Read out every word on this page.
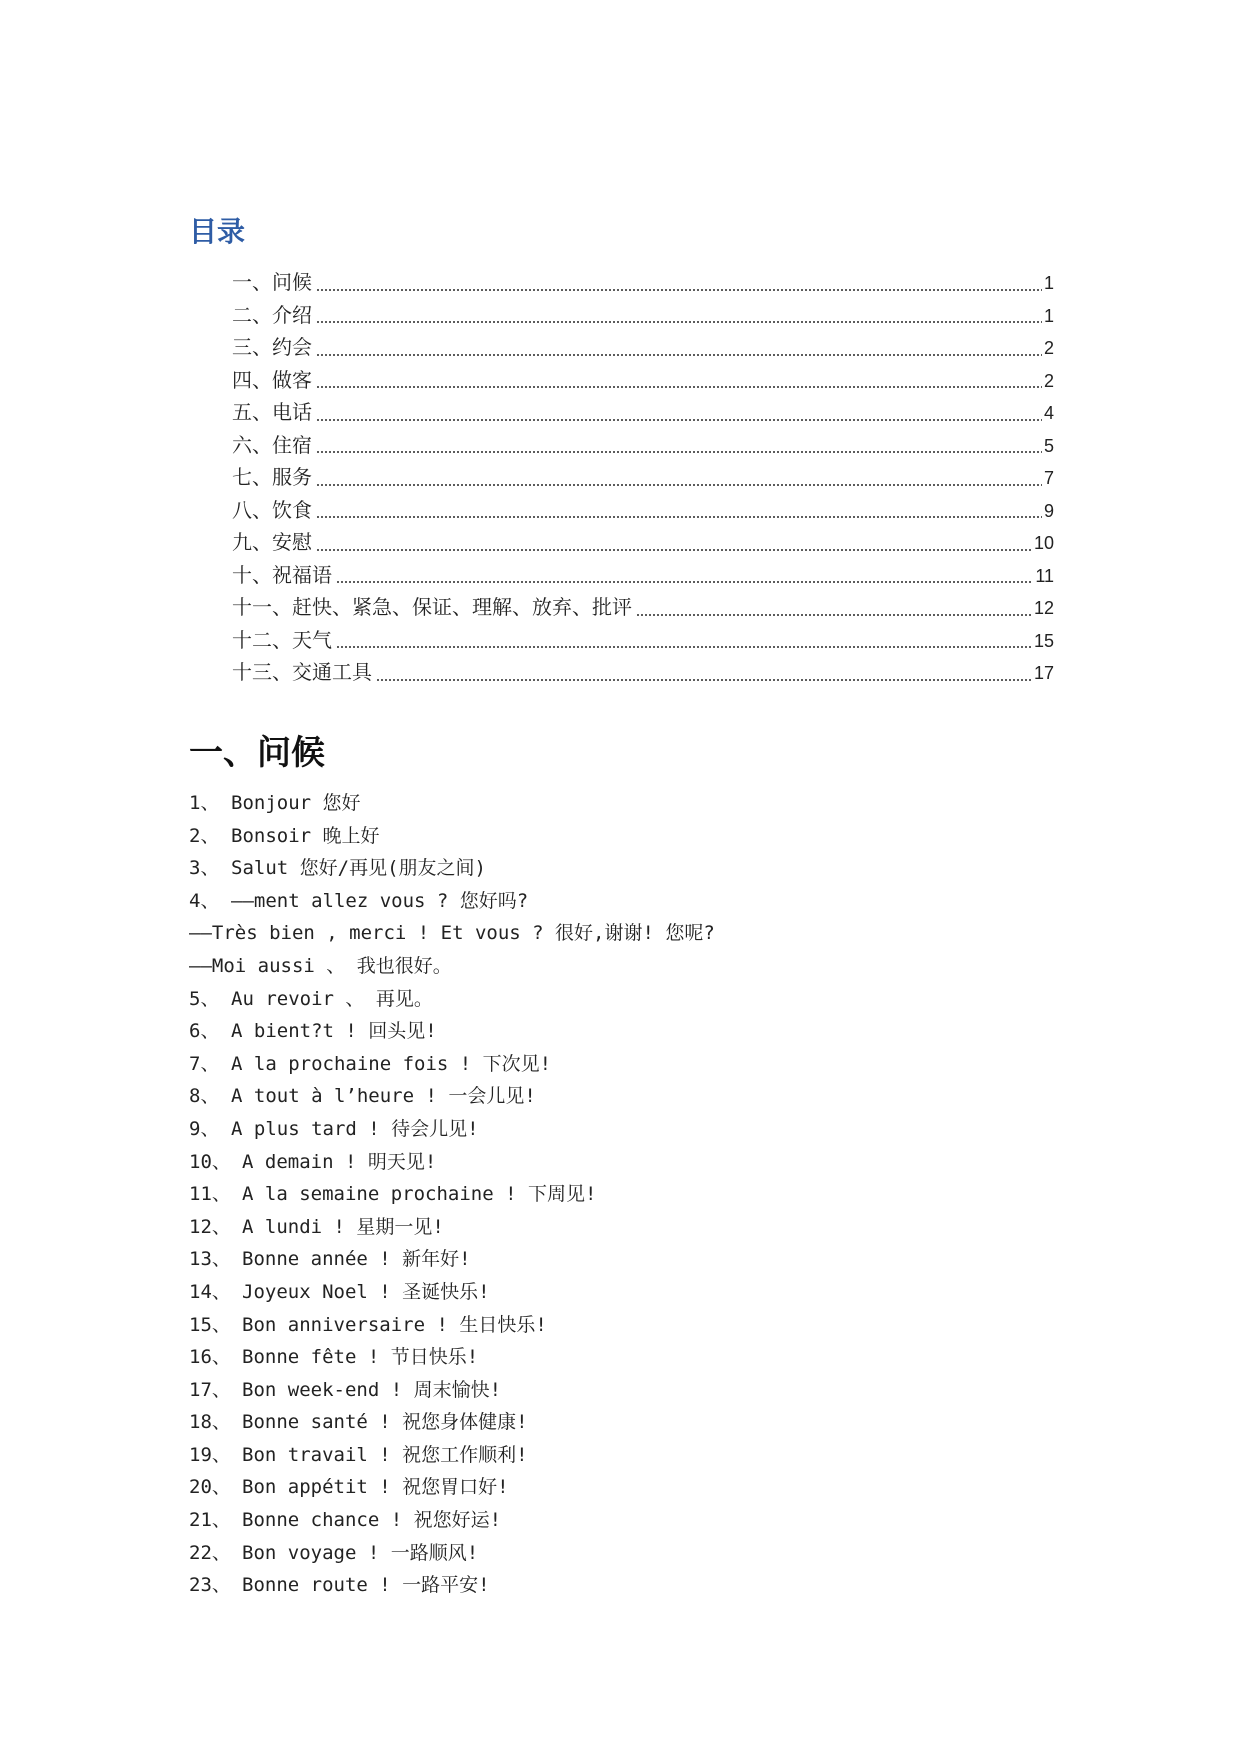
目录
一、问候	1
二、介绍	1
三、约会	2
四、做客	2
五、电话	4
六、住宿	5
七、服务	7
八、饮食	9
九、安慰	10
十、祝福语	11
十一、赶快、紧急、保证、理解、放弃、批评	12
十二、天气	15
十三、交通工具	17
一、问候
1、 Bonjour 您好
2、 Bonsoir 晚上好
3、 Salut 您好/再见(朋友之间)
4、 ——ment allez vous ? 您好吗?
——Très bien , merci ! Et vous ? 很好,谢谢! 您呢?
——Moi aussi 、 我也很好。
5、 Au revoir 、 再见。
6、 A bient?t ! 回头见!
7、 A la prochaine fois ! 下次见!
8、 A tout à l’heure ! 一会儿见!
9、 A plus tard ! 待会儿见!
10、 A demain ! 明天见!
11、 A la semaine prochaine ! 下周见!
12、 A lundi ! 星期一见!
13、 Bonne année ! 新年好!
14、 Joyeux Noel ! 圣诞快乐!
15、 Bon anniversaire ! 生日快乐!
16、 Bonne fête ! 节日快乐!
17、 Bon week-end ! 周末愉快!
18、 Bonne santé ! 祝您身体健康!
19、 Bon travail ! 祝您工作顺利!
20、 Bon appétit ! 祝您胃口好!
21、 Bonne chance ! 祝您好运!
22、 Bon voyage ! 一路顺风!
23、 Bonne route ! 一路平安!
